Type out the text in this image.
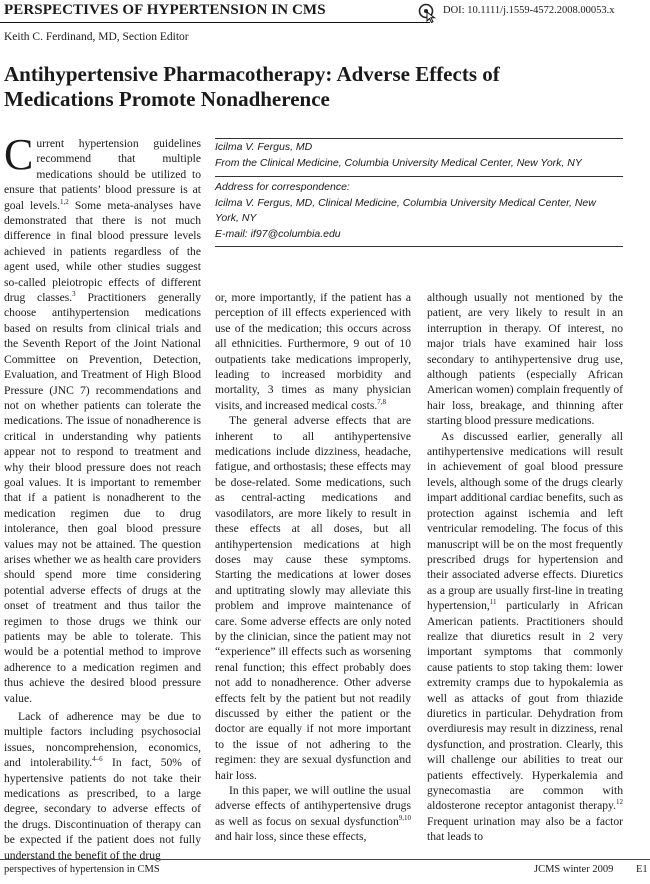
PERSPECTIVES OF HYPERTENSION IN CMS	DOI: 10.1111/j.1559-4572.2008.00053.x
Keith C. Ferdinand, MD, Section Editor
Antihypertensive Pharmacotherapy: Adverse Effects of
Medications Promote Nonadherence
Icilma V. Fergus, MD
From the Clinical Medicine, Columbia University Medical Center, New York, NY
Address for correspondence:
Icilma V. Fergus, MD, Clinical Medicine, Columbia University Medical Center, New
York, NY
E-mail: if97@columbia.edu

Current hypertension guidelines recommend that multiple medications should be utilized to ensure that patients’ blood pressure is at goal levels.$^{1,2}$ Some meta-analyses have demonstrated that there is not much difference in final blood pressure levels achieved in patients regardless of the agent used, while other studies suggest so-called pleiotropic effects of different drug classes.$^3$ Practitioners generally choose antihypertension medications based on results from clinical trials and the Seventh Report of the Joint National Committee on Prevention, Detection, Evaluation, and Treatment of High Blood Pressure (JNC 7) recommendations and not on whether patients can tolerate the medications. The issue of nonadherence is critical in understanding why patients appear not to respond to treatment and why their blood pressure does not reach goal values. It is important to remember that if a patient is nonadherent to the medication regimen due to drug intolerance, then goal blood pressure values may not be attained. The question arises whether we as health care providers should spend more time considering potential adverse effects of drugs at the onset of treatment and thus tailor the regimen to those drugs we think our patients may be able to tolerate. This would be a potential method to improve adherence to a medication regimen and thus achieve the desired blood pressure value.

Lack of adherence may be due to multiple factors including psychosocial issues, noncomprehension, economics, and intolerability.$^{4-6}$ In fact, 50% of hypertensive patients do not take their medications as prescribed, to a large degree, secondary to adverse effects of the drugs. Discontinuation of therapy can be expected if the patient does not fully understand the benefit of the drug

or, more importantly, if the patient has a perception of ill effects experienced with use of the medication; this occurs across all ethnicities. Furthermore, 9 out of 10 outpatients take medications improperly, leading to increased morbidity and mortality, 3 times as many physician visits, and increased medical costs.$^{7,8}$

The general adverse effects that are inherent to all antihypertensive medications include dizziness, headache, fatigue, and orthostasis; these effects may be dose-related. Some medications, such as central-acting medications and vasodilators, are more likely to result in these effects at all doses, but all antihypertension medications at high doses may cause these symptoms. Starting the medications at lower doses and uptitrating slowly may alleviate this problem and improve maintenance of care. Some adverse effects are only noted by the clinician, since the patient may not “experience” ill effects such as worsening renal function; this effect probably does not add to nonadherence. Other adverse effects felt by the patient but not readily discussed by either the patient or the doctor are equally if not more important to the issue of not adhering to the regimen: they are sexual dysfunction and hair loss.

In this paper, we will outline the usual adverse effects of antihypertensive drugs as well as focus on sexual dysfunction$^{9,10}$ and hair loss, since these effects,

although usually not mentioned by the patient, are very likely to result in an interruption in therapy. Of interest, no major trials have examined hair loss secondary to antihypertensive drug use, although patients (especially African American women) complain frequently of hair loss, breakage, and thinning after starting blood pressure medications.

As discussed earlier, generally all antihypertensive medications will result in achievement of goal blood pressure levels, although some of the drugs clearly impart additional cardiac benefits, such as protection against ischemia and left ventricular remodeling. The focus of this manuscript will be on the most frequently prescribed drugs for hypertension and their associated adverse effects. Diuretics as a group are usually first-line in treating hypertension,$^{11}$ particularly in African American patients. Practitioners should realize that diuretics result in 2 very important symptoms that commonly cause patients to stop taking them: lower extremity cramps due to hypokalemia as well as attacks of gout from thiazide diuretics in particular. Dehydration from overdiuresis may result in dizziness, renal dysfunction, and prostration. Clearly, this will challenge our abilities to treat our patients effectively. Hyperkalemia and gynecomastia are common with aldosterone receptor antagonist therapy.$^{12}$ Frequent urination may also be a factor that leads to

perspectives of hypertension in CMS	JCMS winter 2009 E1
